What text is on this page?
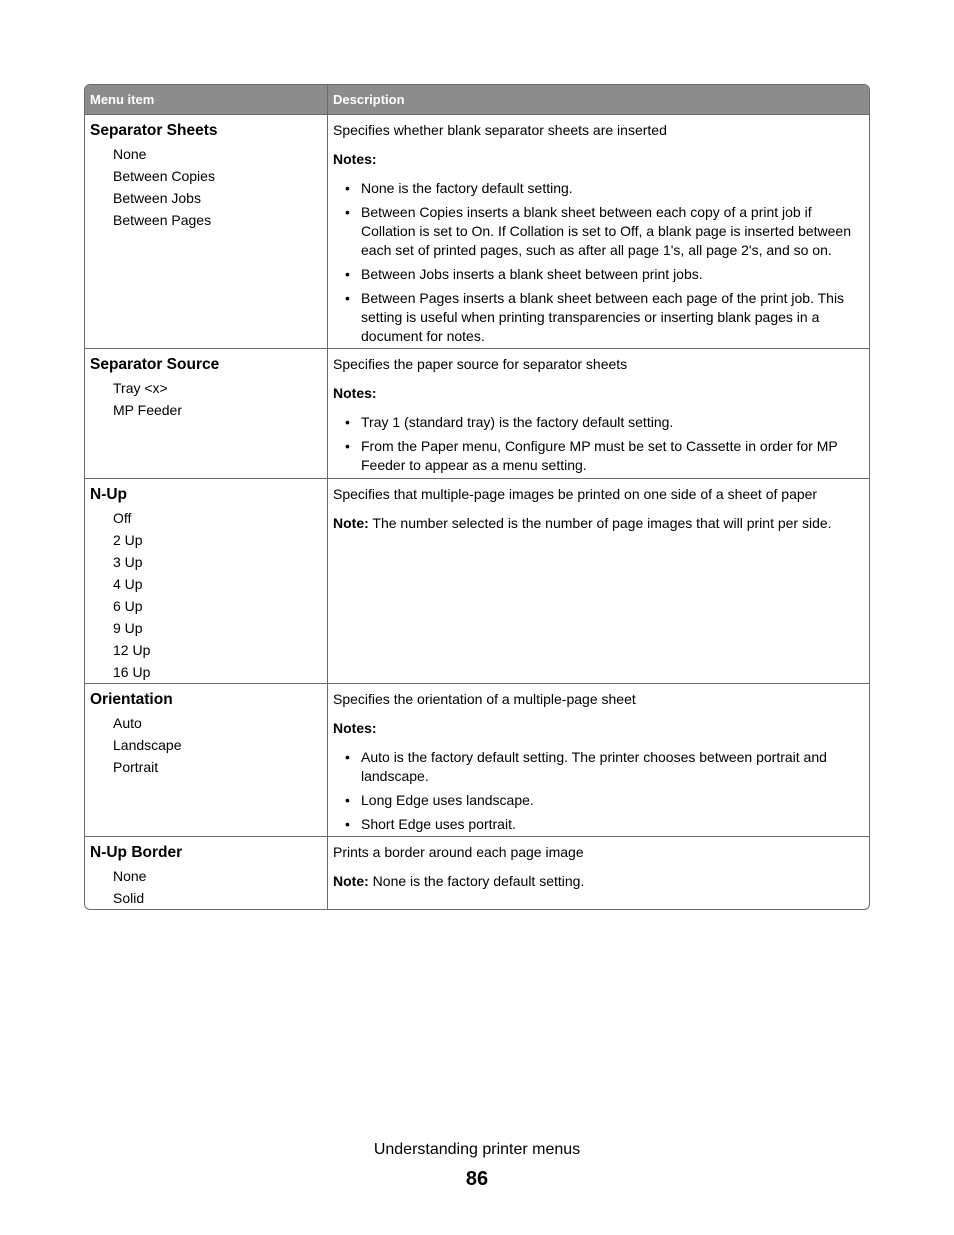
Menu item	Description
Separator Sheets
None
Between Copies
Between Jobs
Between Pages

Specifies whether blank separator sheets are inserted

Notes:

• None is the factory default setting.
• Between Copies inserts a blank sheet between each copy of a print job if Collation is set to On. If Collation is set to Off, a blank page is inserted between each set of printed pages, such as after all page 1's, all page 2's, and so on.
• Between Jobs inserts a blank sheet between print jobs.
• Between Pages inserts a blank sheet between each page of the print job. This setting is useful when printing transparencies or inserting blank pages in a document for notes.
Separator Source
Tray <x>
MP Feeder

Specifies the paper source for separator sheets

Notes:

• Tray 1 (standard tray) is the factory default setting.
• From the Paper menu, Configure MP must be set to Cassette in order for MP Feeder to appear as a menu setting.
N-Up
Off
2 Up
3 Up
4 Up
6 Up
9 Up
12 Up
16 Up

Specifies that multiple-page images be printed on one side of a sheet of paper

Note: The number selected is the number of page images that will print per side.

Orientation
Auto
Landscape
Portrait

Specifies the orientation of a multiple-page sheet

Notes:

• Auto is the factory default setting. The printer chooses between portrait and landscape.
• Long Edge uses landscape.
• Short Edge uses portrait.
N-Up Border
None
Solid

Prints a border around each page image

Note: None is the factory default setting.

Understanding printer menus
86
